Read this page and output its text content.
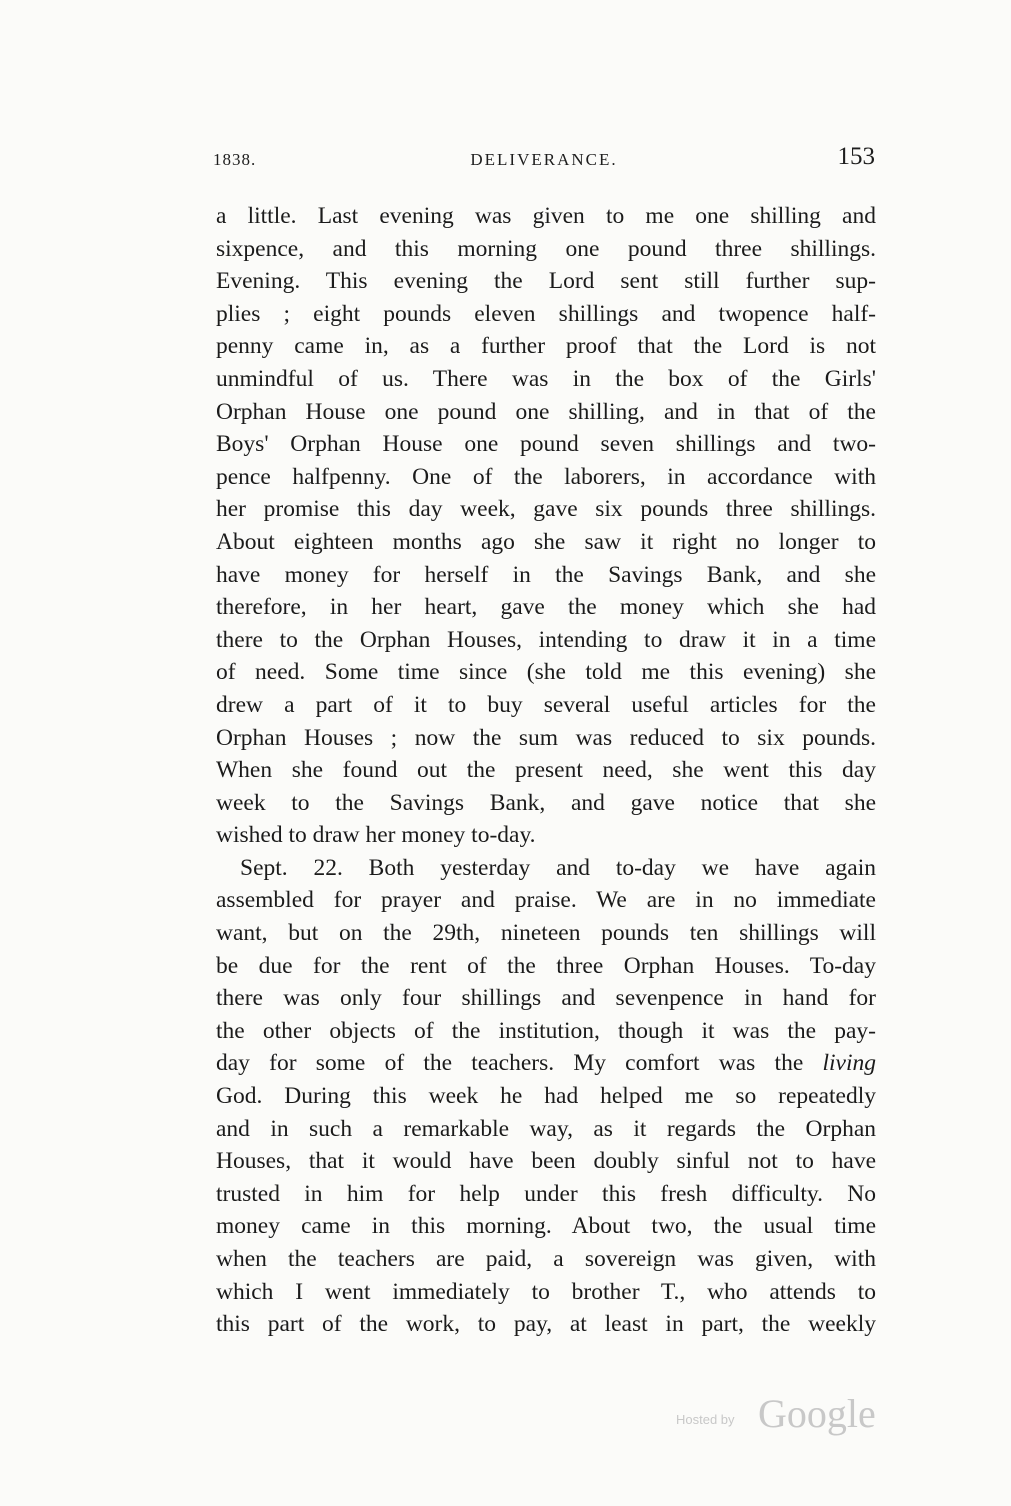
1838.	DELIVERANCE.	153
a little. Last evening was given to me one shilling and
sixpence, and this morning one pound three shillings.
Evening. This evening the Lord sent still further sup-
plies ; eight pounds eleven shillings and twopence half-
penny came in, as a further proof that the Lord is not
unmindful of us. There was in the box of the Girls'
Orphan House one pound one shilling, and in that of the
Boys' Orphan House one pound seven shillings and two-
pence halfpenny. One of the laborers, in accordance with
her promise this day week, gave six pounds three shillings.
About eighteen months ago she saw it right no longer to
have money for herself in the Savings Bank, and she
therefore, in her heart, gave the money which she had
there to the Orphan Houses, intending to draw it in a time
of need. Some time since (she told me this evening) she
drew a part of it to buy several useful articles for the
Orphan Houses ; now the sum was reduced to six pounds.
When she found out the present need, she went this day
week to the Savings Bank, and gave notice that she
wished to draw her money to-day.
Sept. 22. Both yesterday and to-day we have again
assembled for prayer and praise. We are in no immediate
want, but on the 29th, nineteen pounds ten shillings will
be due for the rent of the three Orphan Houses. To-day
there was only four shillings and sevenpence in hand for
the other objects of the institution, though it was the pay-
day for some of the teachers. My comfort was the living
God. During this week he had helped me so repeatedly
and in such a remarkable way, as it regards the Orphan
Houses, that it would have been doubly sinful not to have
trusted in him for help under this fresh difficulty. No
money came in this morning. About two, the usual time
when the teachers are paid, a sovereign was given, with
which I went immediately to brother T., who attends to
this part of the work, to pay, at least in part, the weekly
Hosted by Google
